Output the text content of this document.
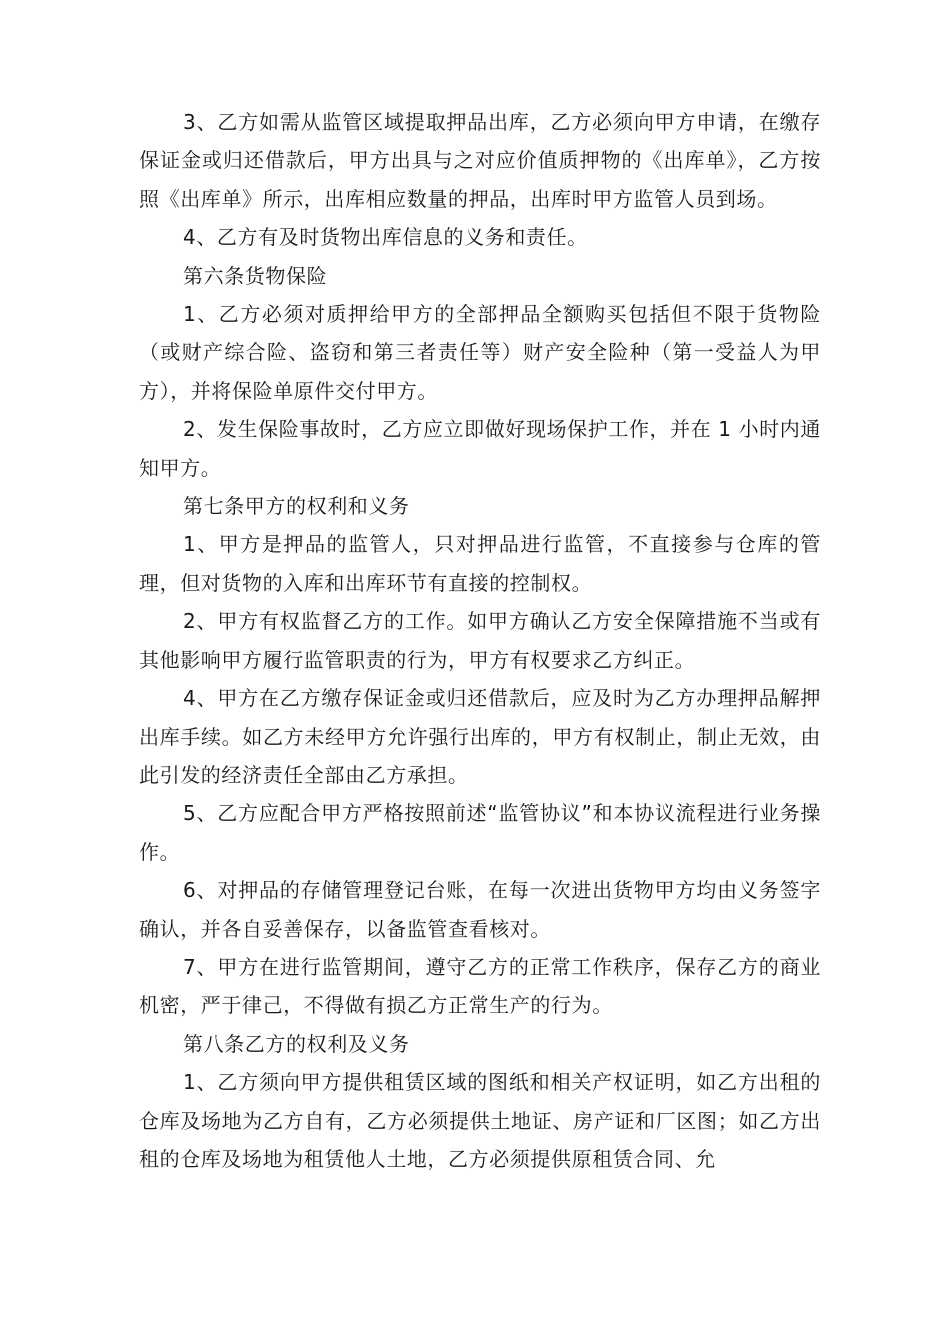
3、乙方如需从监管区域提取押品出库，乙方必须向甲方申请，在缴存保证金或归还借款后，甲方出具与之对应价值质押物的《出库单》，乙方按照《出库单》所示，出库相应数量的押品，出库时甲方监管人员到场。

4、乙方有及时货物出库信息的义务和责任。

第六条货物保险

1、乙方必须对质押给甲方的全部押品全额购买包括但不限于货物险（或财产综合险、盗窃和第三者责任等）财产安全险种（第一受益人为甲方），并将保险单原件交付甲方。

2、发生保险事故时，乙方应立即做好现场保护工作，并在 1 小时内通知甲方。

第七条甲方的权利和义务

1、甲方是押品的监管人，只对押品进行监管，不直接参与仓库的管理，但对货物的入库和出库环节有直接的控制权。

2、甲方有权监督乙方的工作。如甲方确认乙方安全保障措施不当或有其他影响甲方履行监管职责的行为，甲方有权要求乙方纠正。

4、甲方在乙方缴存保证金或归还借款后，应及时为乙方办理押品解押出库手续。如乙方未经甲方允许强行出库的，甲方有权制止，制止无效，由此引发的经济责任全部由乙方承担。

5、乙方应配合甲方严格按照前述“监管协议”和本协议流程进行业务操作。

6、对押品的存储管理登记台账，在每一次进出货物甲方均由义务签字确认，并各自妥善保存，以备监管查看核对。

7、甲方在进行监管期间，遵守乙方的正常工作秩序，保存乙方的商业机密，严于律己，不得做有损乙方正常生产的行为。

第八条乙方的权利及义务

1、乙方须向甲方提供租赁区域的图纸和相关产权证明，如乙方出租的仓库及场地为乙方自有，乙方必须提供土地证、房产证和厂区图；如乙方出租的仓库及场地为租赁他人土地，乙方必须提供原租赁合同、允
